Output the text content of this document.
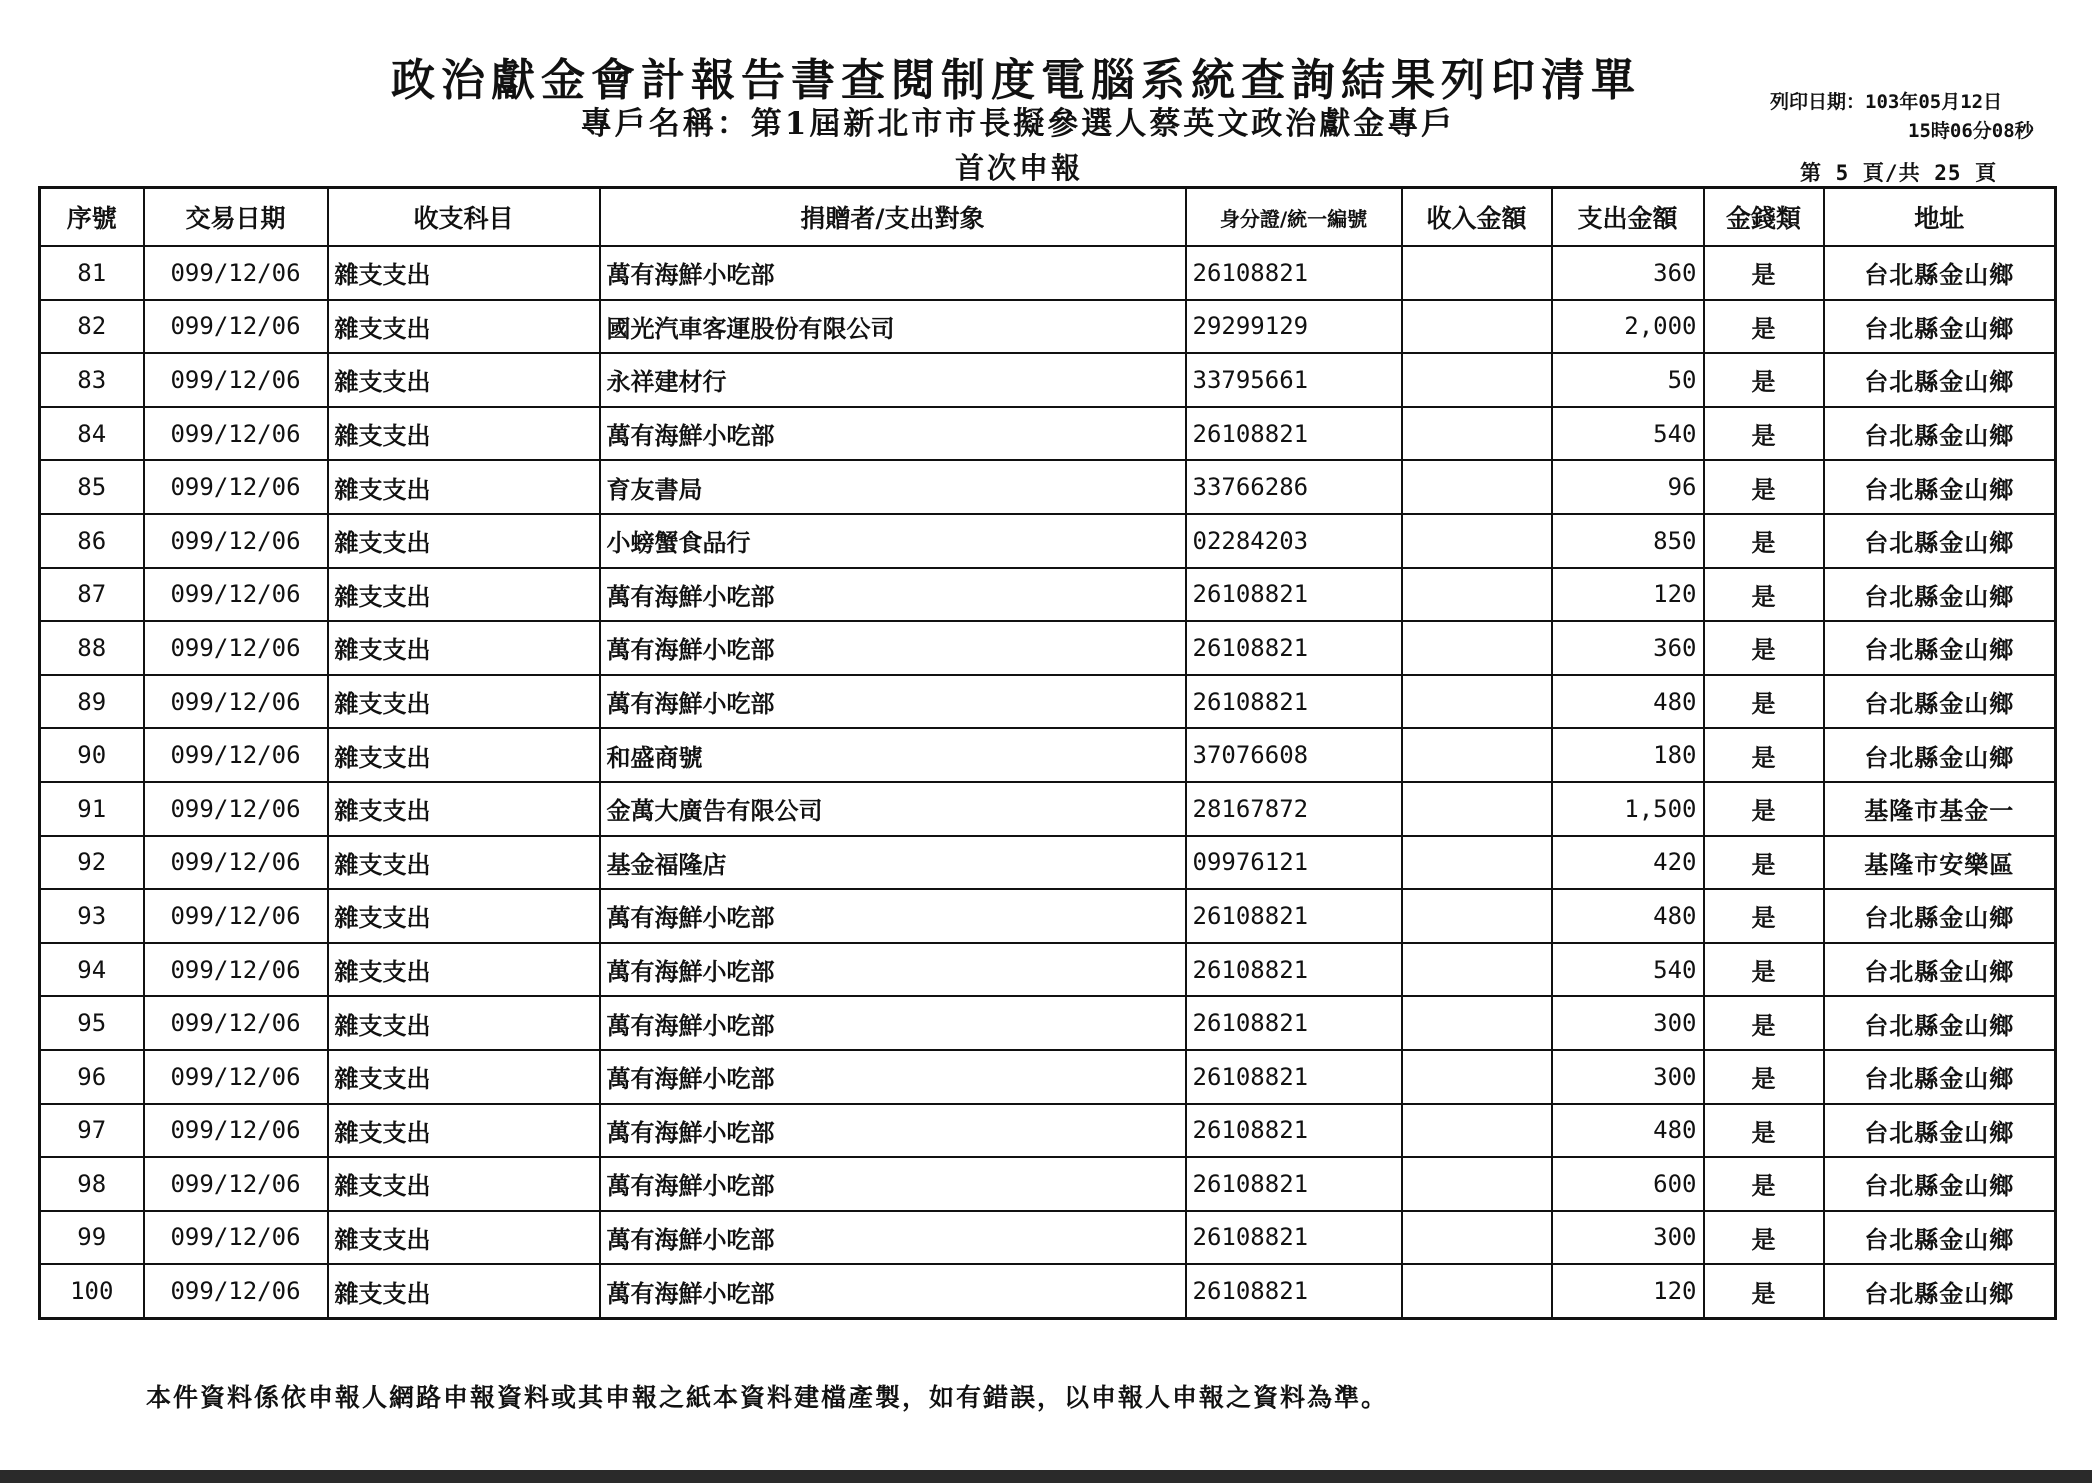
政治獻金會計報告書查閱制度電腦系統查詢結果列印清單
專戶名稱：第1屆新北市市長擬參選人蔡英文政治獻金專戶
首次申報
列印日期：103年05月12日
15時06分08秒
第 5 頁/共 25 頁
序號	交易日期	收支科目	捐贈者/支出對象	身分證/統一編號	收入金額	支出金額	金錢類	地址
81	099/12/06	雜支支出	萬有海鮮小吃部	26108821		360	是	台北縣金山鄉
82	099/12/06	雜支支出	國光汽車客運股份有限公司	29299129		2,000	是	台北縣金山鄉
83	099/12/06	雜支支出	永祥建材行	33795661		50	是	台北縣金山鄉
84	099/12/06	雜支支出	萬有海鮮小吃部	26108821		540	是	台北縣金山鄉
85	099/12/06	雜支支出	育友書局	33766286		96	是	台北縣金山鄉
86	099/12/06	雜支支出	小螃蟹食品行	02284203		850	是	台北縣金山鄉
87	099/12/06	雜支支出	萬有海鮮小吃部	26108821		120	是	台北縣金山鄉
88	099/12/06	雜支支出	萬有海鮮小吃部	26108821		360	是	台北縣金山鄉
89	099/12/06	雜支支出	萬有海鮮小吃部	26108821		480	是	台北縣金山鄉
90	099/12/06	雜支支出	和盛商號	37076608		180	是	台北縣金山鄉
91	099/12/06	雜支支出	金萬大廣告有限公司	28167872		1,500	是	基隆市基金一
92	099/12/06	雜支支出	基金福隆店	09976121		420	是	基隆市安樂區
93	099/12/06	雜支支出	萬有海鮮小吃部	26108821		480	是	台北縣金山鄉
94	099/12/06	雜支支出	萬有海鮮小吃部	26108821		540	是	台北縣金山鄉
95	099/12/06	雜支支出	萬有海鮮小吃部	26108821		300	是	台北縣金山鄉
96	099/12/06	雜支支出	萬有海鮮小吃部	26108821		300	是	台北縣金山鄉
97	099/12/06	雜支支出	萬有海鮮小吃部	26108821		480	是	台北縣金山鄉
98	099/12/06	雜支支出	萬有海鮮小吃部	26108821		600	是	台北縣金山鄉
99	099/12/06	雜支支出	萬有海鮮小吃部	26108821		300	是	台北縣金山鄉
100	099/12/06	雜支支出	萬有海鮮小吃部	26108821		120	是	台北縣金山鄉
本件資料係依申報人網路申報資料或其申報之紙本資料建檔產製，如有錯誤，以申報人申報之資料為準。
